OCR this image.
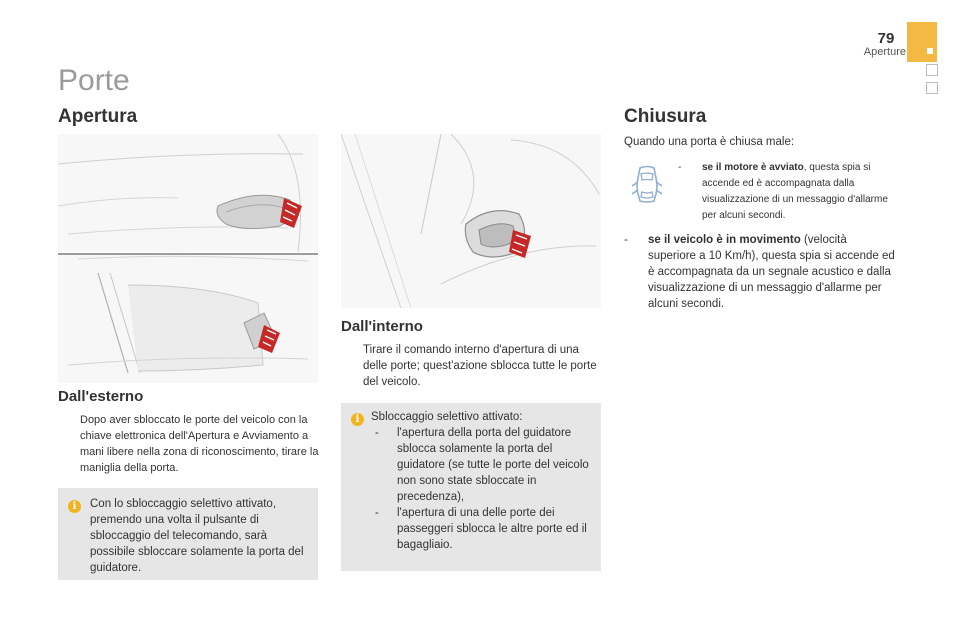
79
Aperture
Porte
Apertura	Chiusura
Dall'esterno
Dopo aver sbloccato le porte del veicolo con la chiave elettronica dell'Apertura e Avviamento a mani libere nella zona di riconoscimento, tirare la maniglia della porta.
i	Con lo sbloccaggio selettivo attivato, premendo una volta il pulsante di sbloccaggio del telecomando, sarà possibile sbloccare solamente la porta del guidatore.
Dall'interno
Tirare il comando interno d'apertura di una delle porte; quest'azione sblocca tutte le porte del veicolo.
i	Sbloccaggio selettivo attivato:
- l'apertura della porta del guidatore sblocca solamente la porta del guidatore (se tutte le porte del veicolo non sono state sbloccate in precedenza),
- l'apertura di una delle porte dei passeggeri sblocca le altre porte ed il bagagliaio.
Quando una porta è chiusa male:
- se il motore è avviato, questa spia si accende ed è accompagnata dalla visualizzazione di un messaggio d'allarme per alcuni secondi.
- se il veicolo è in movimento (velocità superiore a 10 Km/h), questa spia si accende ed è accompagnata da un segnale acustico e dalla visualizzazione di un messaggio d'allarme per alcuni secondi.
